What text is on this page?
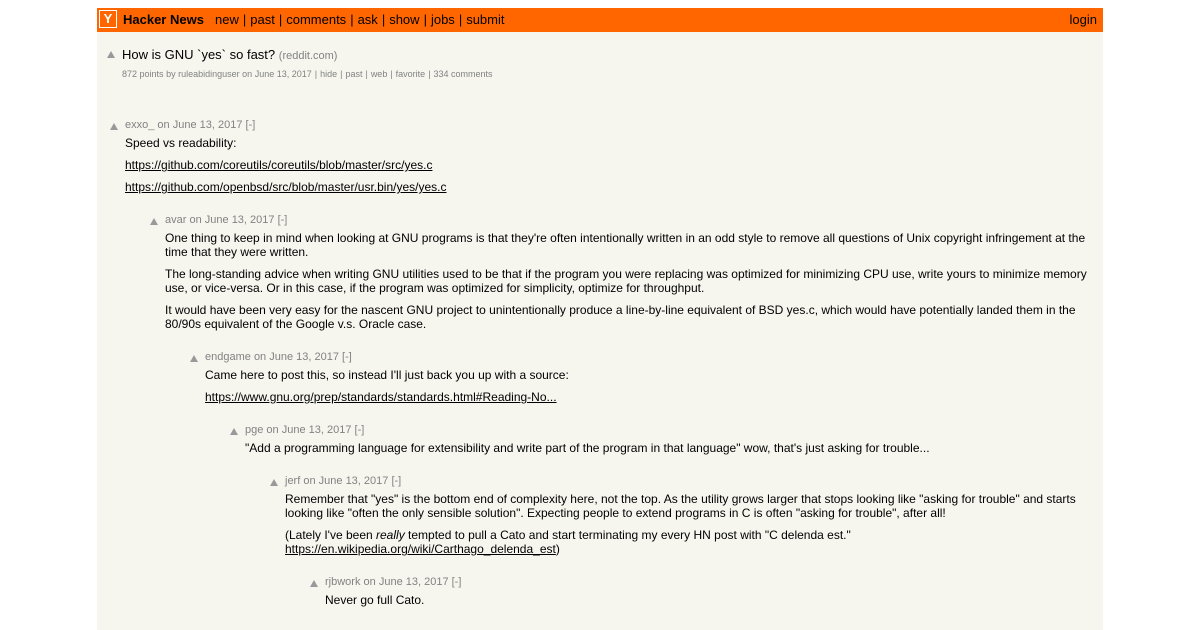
Y Hacker News new | past | comments | ask | show | jobs | submit	login
How is GNU `yes` so fast? (reddit.com)
872 points by ruleabidinguser on June 13, 2017 | hide | past | web | favorite | 334 comments
exxo_ on June 13, 2017 [-]
Speed vs readability:
https://github.com/coreutils/coreutils/blob/master/src/yes.c
https://github.com/openbsd/src/blob/master/usr.bin/yes/yes.c
avar on June 13, 2017 [-]
One thing to keep in mind when looking at GNU programs is that they're often intentionally written in an odd style to remove all questions of Unix copyright infringement at the time that they were written.
The long-standing advice when writing GNU utilities used to be that if the program you were replacing was optimized for minimizing CPU use, write yours to minimize memory use, or vice-versa. Or in this case, if the program was optimized for simplicity, optimize for throughput.
It would have been very easy for the nascent GNU project to unintentionally produce a line-by-line equivalent of BSD yes.c, which would have potentially landed them in the 80/90s equivalent of the Google v.s. Oracle case.
endgame on June 13, 2017 [-]
Came here to post this, so instead I'll just back you up with a source:
https://www.gnu.org/prep/standards/standards.html#Reading-No...
pge on June 13, 2017 [-]
"Add a programming language for extensibility and write part of the program in that language" wow, that's just asking for trouble...
jerf on June 13, 2017 [-]
Remember that "yes" is the bottom end of complexity here, not the top. As the utility grows larger that stops looking like "asking for trouble" and starts looking like "often the only sensible solution". Expecting people to extend programs in C is often "asking for trouble", after all!
(Lately I've been really tempted to pull a Cato and start terminating my every HN post with "C delenda est."
https://en.wikipedia.org/wiki/Carthago_delenda_est)
rjbwork on June 13, 2017 [-]
Never go full Cato.
